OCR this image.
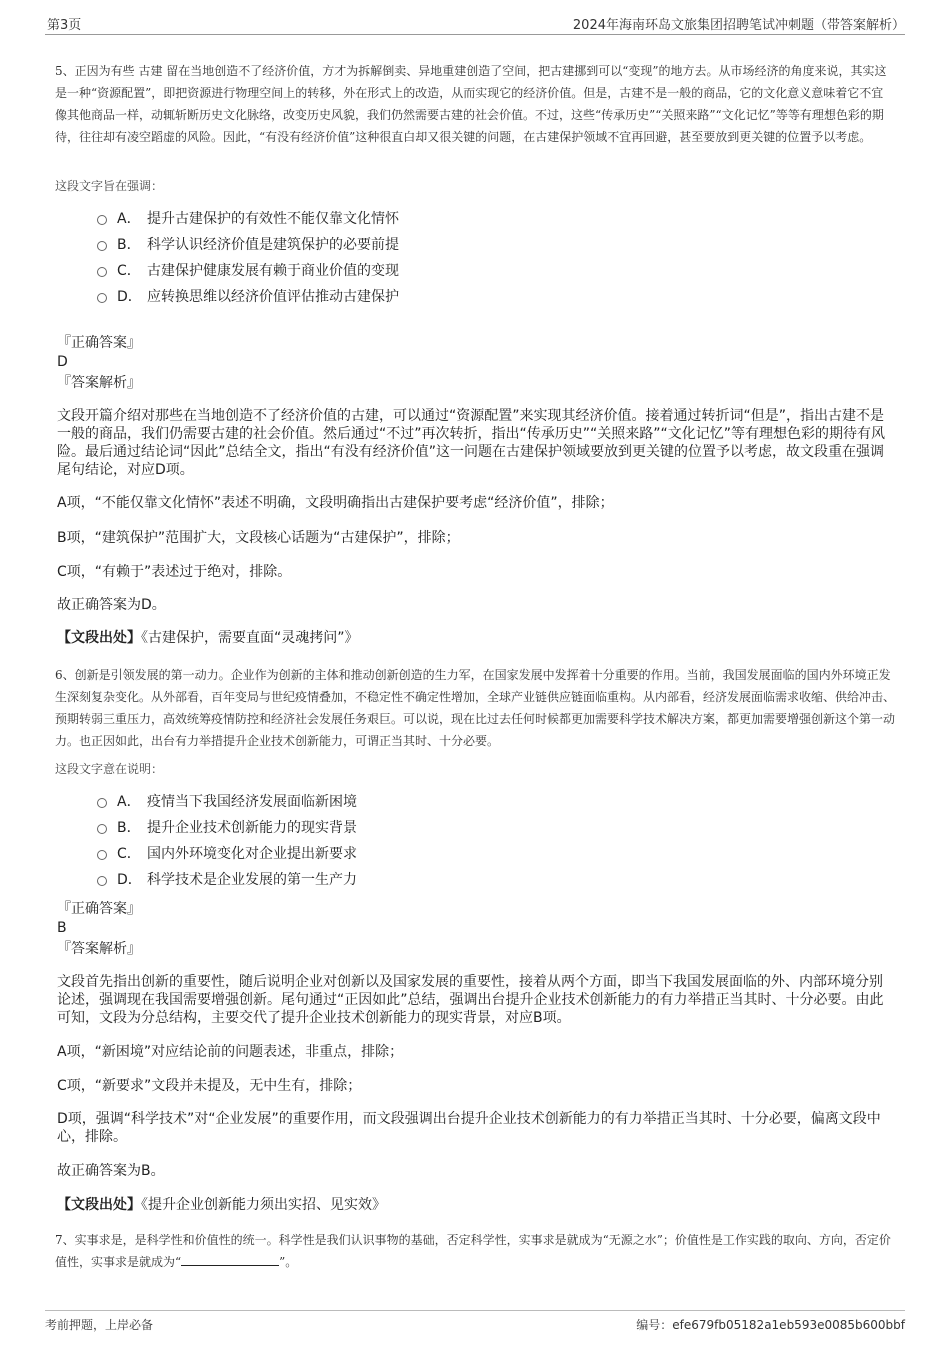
第3页	2024年海南环岛文旅集团招聘笔试冲刺题（带答案解析）
5、正因为有些 古建 留在当地创造不了经济价值，方才为拆解倒卖、异地重建创造了空间，把古建挪到可以“变现”的地方去。从市场经济的角度来说，其实这是一种“资源配置”，即把资源进行物理空间上的转移，外在形式上的改造，从而实现它的经济价值。但是，古建不是一般的商品，它的文化意义意味着它不宜像其他商品一样，动辄斩断历史文化脉络，改变历史风貌，我们仍然需要古建的社会价值。不过，这些“传承历史”“关照来路”“文化记忆”等等有理想色彩的期待，往往却有凌空蹈虚的风险。因此，“有没有经济价值”这种很直白却又很关键的问题，在古建保护领域不宜再回避，甚至要放到更关键的位置予以考虑。
这段文字旨在强调：
A． 提升古建保护的有效性不能仅靠文化情怀
B． 科学认识经济价值是建筑保护的必要前提
C． 古建保护健康发展有赖于商业价值的变现
D． 应转换思维以经济价值评估推动古建保护
『正确答案』
D
『答案解析』
文段开篇介绍对那些在当地创造不了经济价值的古建，可以通过“资源配置”来实现其经济价值。接着通过转折词“但是”，指出古建不是一般的商品，我们仍需要古建的社会价值。然后通过“不过”再次转折，指出“传承历史”“关照来路”“文化记忆”等有理想色彩的期待有风险。最后通过结论词“因此”总结全文，指出“有没有经济价值”这一问题在古建保护领域要放到更关键的位置予以考虑，故文段重在强调尾句结论，对应D项。
A项，“不能仅靠文化情怀”表述不明确，文段明确指出古建保护要考虑“经济价值”，排除；
B项，“建筑保护”范围扩大，文段核心话题为“古建保护”，排除；
C项，“有赖于”表述过于绝对，排除。
故正确答案为D。
【文段出处】《古建保护，需要直面“灵魂拷问”》
6、创新是引领发展的第一动力。企业作为创新的主体和推动创新创造的生力军，在国家发展中发挥着十分重要的作用。当前，我国发展面临的国内外环境正发生深刻复杂变化。从外部看，百年变局与世纪疫情叠加，不稳定性不确定性增加，全球产业链供应链面临重构。从内部看，经济发展面临需求收缩、供给冲击、预期转弱三重压力，高效统筹疫情防控和经济社会发展任务艰巨。可以说，现在比过去任何时候都更加需要科学技术解决方案，都更加需要增强创新这个第一动力。也正因如此，出台有力举措提升企业技术创新能力，可谓正当其时、十分必要。
这段文字意在说明：
A． 疫情当下我国经济发展面临新困境
B． 提升企业技术创新能力的现实背景
C． 国内外环境变化对企业提出新要求
D． 科学技术是企业发展的第一生产力
『正确答案』
B
『答案解析』
文段首先指出创新的重要性，随后说明企业对创新以及国家发展的重要性，接着从两个方面，即当下我国发展面临的外、内部环境分别论述，强调现在我国需要增强创新。尾句通过“正因如此”总结，强调出台提升企业技术创新能力的有力举措正当其时、十分必要。由此可知，文段为分总结构，主要交代了提升企业技术创新能力的现实背景，对应B项。
A项，“新困境”对应结论前的问题表述，非重点，排除；
C项，“新要求”文段并未提及，无中生有，排除；
D项，强调“科学技术”对“企业发展”的重要作用，而文段强调出台提升企业技术创新能力的有力举措正当其时、十分必要，偏离文段中心，排除。
故正确答案为B。
【文段出处】《提升企业创新能力须出实招、见实效》
7、实事求是，是科学性和价值性的统一。科学性是我们认识事物的基础，否定科学性，实事求是就成为“无源之水”；价值性是工作实践的取向、方向，否定价值性，实事求是就成为“	”。
考前押题，上岸必备	编号：efe679fb05182a1eb593e0085b600bbf
